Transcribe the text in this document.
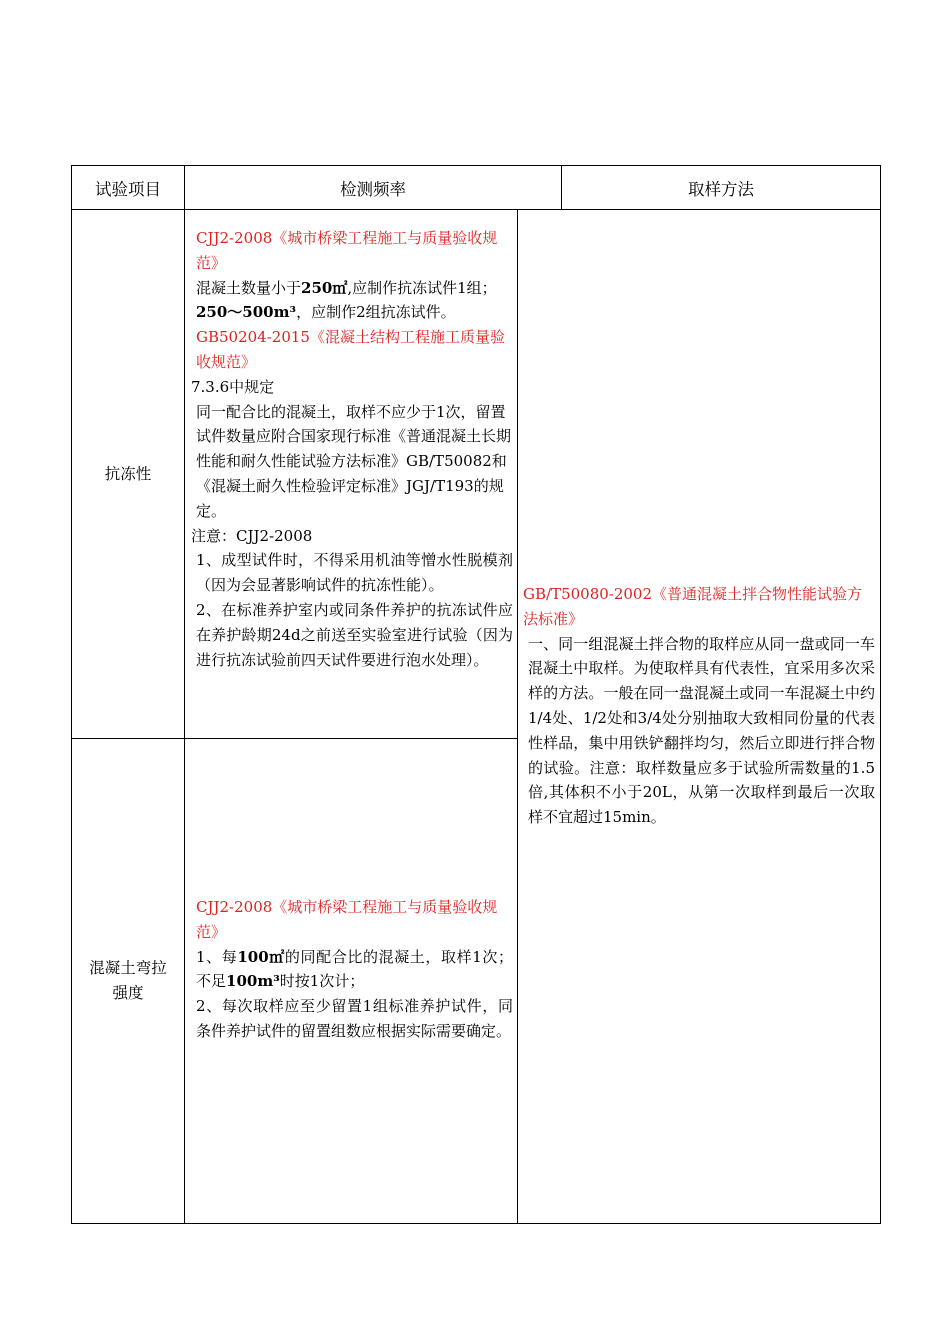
试验项目	检测频率	取样方法
抗冻性

CJJ2-2008《城市桥梁工程施工与质量验收规范》

混凝土数量小于250㎡,应制作抗冻试件1组；250～500m³，应制作2组抗冻试件。

GB50204-2015《混凝土结构工程施工质量验收规范》

7.3.6中规定

同一配合比的混凝土，取样不应少于1次，留置试件数量应附合国家现行标准《普通混凝土长期性能和耐久性能试验方法标准》GB/T50082和《混凝土耐久性检验评定标准》JGJ/T193的规定。

注意：CJJ2-2008

1、成型试件时，不得采用机油等憎水性脱模剂（因为会显著影响试件的抗冻性能）。

2、在标准养护室内或同条件养护的抗冻试件应在养护龄期24d之前送至实验室进行试验（因为进行抗冻试验前四天试件要进行泡水处理）。

混凝土弯拉强度

CJJ2-2008《城市桥梁工程施工与质量验收规范》

1、每100㎡的同配合比的混凝土，取样1次；不足100m³时按1次计；

2、每次取样应至少留置1组标准养护试件，同条件养护试件的留置组数应根据实际需要确定。

GB/T50080-2002《普通混凝土拌合物性能试验方法标准》

一、同一组混凝土拌合物的取样应从同一盘或同一车混凝土中取样。为使取样具有代表性，宜采用多次采样的方法。一般在同一盘混凝土或同一车混凝土中约1/4处、1/2处和3/4处分别抽取大致相同份量的代表性样品，集中用铁铲翻拌均匀，然后立即进行拌合物的试验。注意：取样数量应多于试验所需数量的1.5倍,其体积不小于20L，从第一次取样到最后一次取样不宜超过15min。
